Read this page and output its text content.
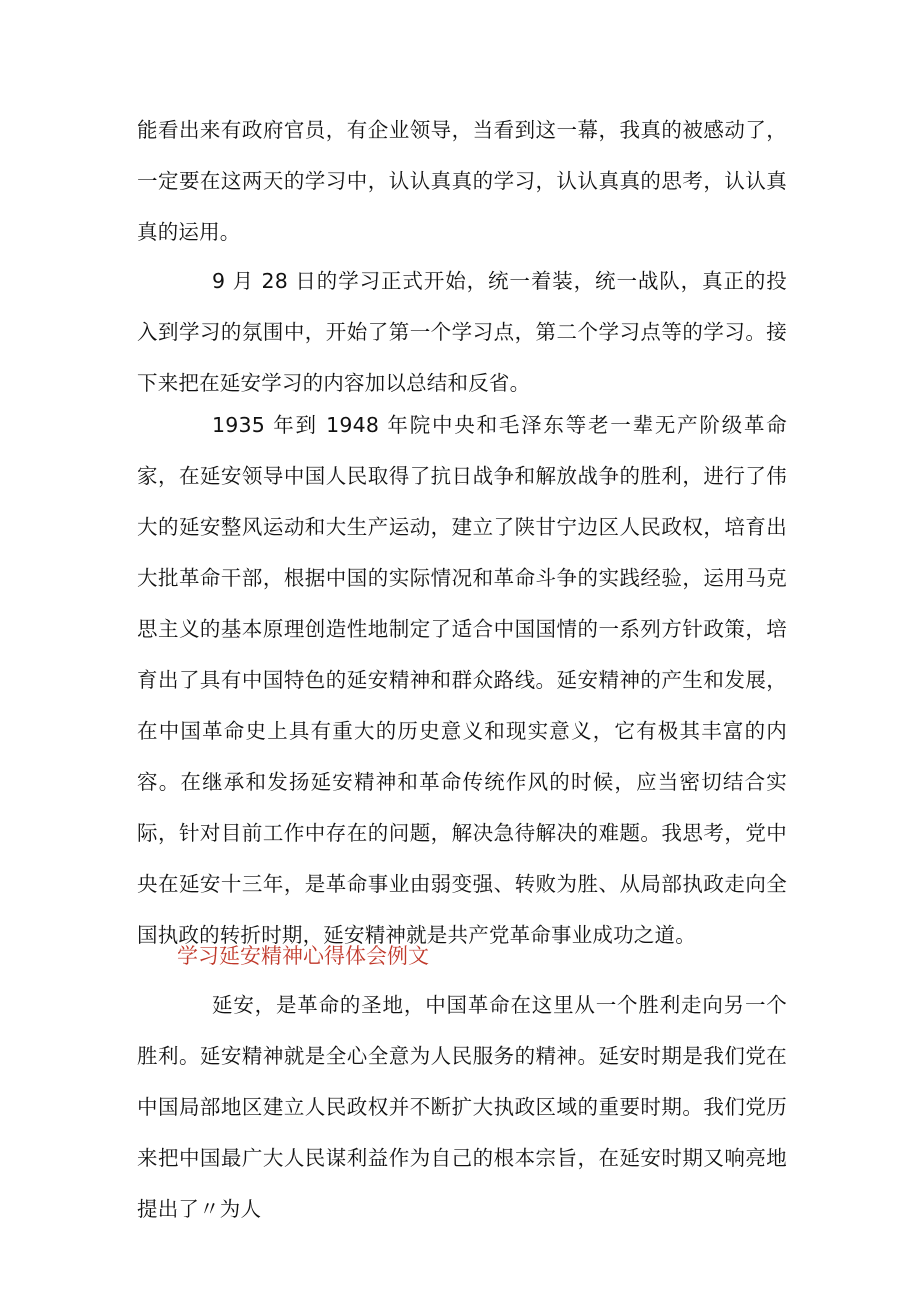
能看出来有政府官员，有企业领导，当看到这一幕，我真的被感动了，一定要在这两天的学习中，认认真真的学习，认认真真的思考，认认真真的运用。

9 月 28 日的学习正式开始，统一着装，统一战队，真正的投入到学习的氛围中，开始了第一个学习点，第二个学习点等的学习。接下来把在延安学习的内容加以总结和反省。

1935 年到 1948 年院中央和毛泽东等老一辈无产阶级革命家，在延安领导中国人民取得了抗日战争和解放战争的胜利，进行了伟大的延安整风运动和大生产运动，建立了陕甘宁边区人民政权，培育出大批革命干部，根据中国的实际情况和革命斗争的实践经验，运用马克思主义的基本原理创造性地制定了适合中国国情的一系列方针政策，培育出了具有中国特色的延安精神和群众路线。延安精神的产生和发展，在中国革命史上具有重大的历史意义和现实意义，它有极其丰富的内容。在继承和发扬延安精神和革命传统作风的时候，应当密切结合实际，针对目前工作中存在的问题，解决急待解决的难题。我思考，党中央在延安十三年，是革命事业由弱变强、转败为胜、从局部执政走向全国执政的转折时期，延安精神就是共产党革命事业成功之道。

学习延安精神心得体会例文

延安，是革命的圣地，中国革命在这里从一个胜利走向另一个胜利。延安精神就是全心全意为人民服务的精神。延安时期是我们党在中国局部地区建立人民政权并不断扩大执政区域的重要时期。我们党历来把中国最广大人民谋利益作为自己的根本宗旨，在延安时期又响亮地提出了〃为人
